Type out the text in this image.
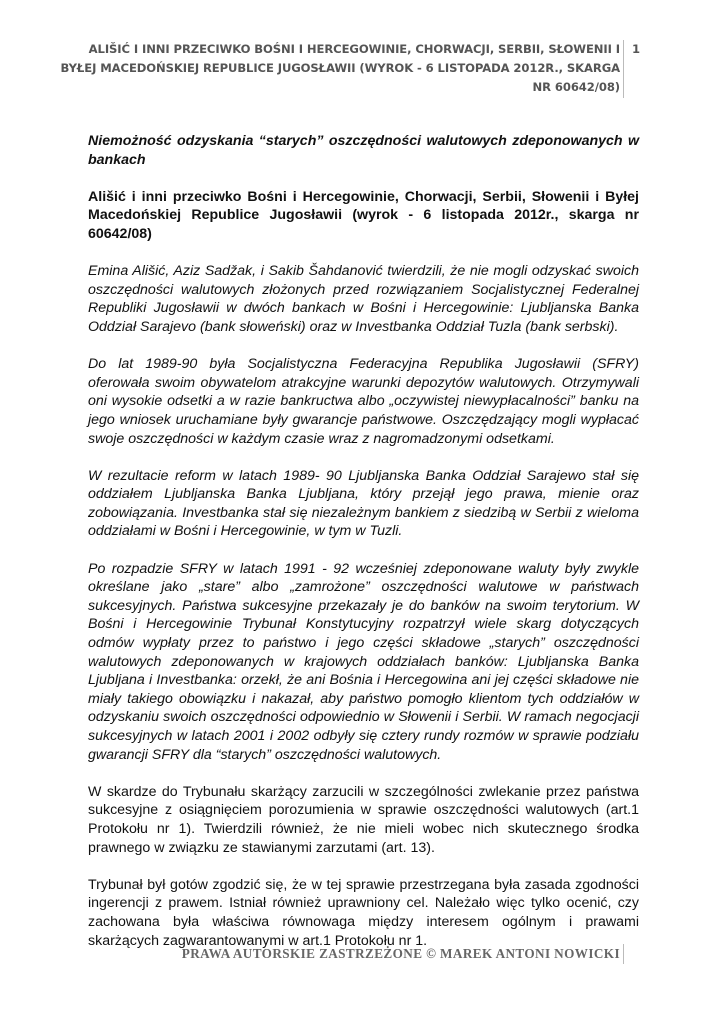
ALIŠIĆ I INNI PRZECIWKO BOŚNI I HERCEGOWINIE, CHORWACJI, SERBII, SŁOWENII I
BYŁEJ MACEDOŃSKIEJ REPUBLICE JUGOSŁAWII (WYROK - 6 LISTOPADA 2012R., SKARGA
NR 60642/08)
1

Niemożność odzyskania “starych” oszczędności walutowych zdeponowanych w bankach

Ališić i inni przeciwko Bośni i Hercegowinie, Chorwacji, Serbii, Słowenii i Byłej Macedońskiej Republice Jugosławii (wyrok - 6 listopada 2012r., skarga nr 60642/08)

Emina Ališić, Aziz Sadžak, i Sakib Šahdanović twierdzili, że nie mogli odzyskać swoich oszczędności walutowych złożonych przed rozwiązaniem Socjalistycznej Federalnej Republiki Jugosławii w dwóch bankach w Bośni i Hercegowinie: Ljubljanska Banka Oddział Sarajevo (bank słoweński) oraz w Investbanka Oddział Tuzla (bank serbski).

Do lat 1989-90 była Socjalistyczna Federacyjna Republika Jugosławii (SFRY) oferowała swoim obywatelom atrakcyjne warunki depozytów walutowych. Otrzymywali oni wysokie odsetki a w razie bankructwa albo „oczywistej niewypłacalności” banku na jego wniosek uruchamiane były gwarancje państwowe. Oszczędzający mogli wypłacać swoje oszczędności w każdym czasie wraz z nagromadzonymi odsetkami.

W rezultacie reform w latach 1989- 90 Ljubljanska Banka Oddział Sarajewo stał się oddziałem Ljubljanska Banka Ljubljana, który przejął jego prawa, mienie oraz zobowiązania. Investbanka stał się niezależnym bankiem z siedzibą w Serbii z wieloma oddziałami w Bośni i Hercegowinie, w tym w Tuzli.

Po rozpadzie SFRY w latach 1991 - 92 wcześniej zdeponowane waluty były zwykle określane jako „stare” albo „zamrożone” oszczędności walutowe w państwach sukcesyjnych. Państwa sukcesyjne przekazały je do banków na swoim terytorium. W Bośni i Hercegowinie Trybunał Konstytucyjny rozpatrzył wiele skarg dotyczących odmów wypłaty przez to państwo i jego części składowe „starych” oszczędności walutowych zdeponowanych w krajowych oddziałach banków: Ljubljanska Banka Ljubljana i Investbanka: orzekł, że ani Bośnia i Hercegowina ani jej części składowe nie miały takiego obowiązku i nakazał, aby państwo pomogło klientom tych oddziałów w odzyskaniu swoich oszczędności odpowiednio w Słowenii i Serbii. W ramach negocjacji sukcesyjnych w latach 2001 i 2002 odbyły się cztery rundy rozmów w sprawie podziału gwarancji SFRY dla “starych” oszczędności walutowych.

W skardze do Trybunału skarżący zarzucili w szczególności zwlekanie przez państwa sukcesyjne z osiągnięciem porozumienia w sprawie oszczędności walutowych (art.1 Protokołu nr 1). Twierdzili również, że nie mieli wobec nich skutecznego środka prawnego w związku ze stawianymi zarzutami (art. 13).

Trybunał był gotów zgodzić się, że w tej sprawie przestrzegana była zasada zgodności ingerencji z prawem. Istniał również uprawniony cel. Należało więc tylko ocenić, czy zachowana była właściwa równowaga między interesem ogólnym i prawami skarżących zagwarantowanymi w art.1 Protokołu nr 1.

PRAWA AUTORSKIE ZASTRZEŻONE © MAREK ANTONI NOWICKI
